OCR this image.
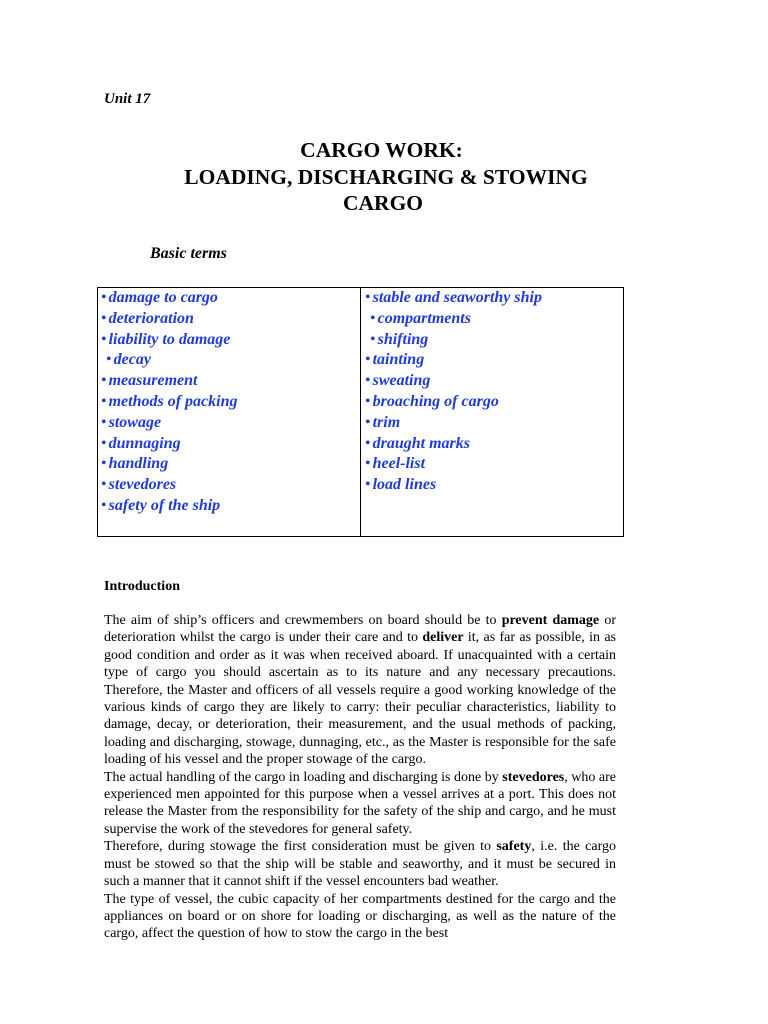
Unit 17
CARGO WORK:
LOADING, DISCHARGING & STOWING
CARGO
Basic terms
• damage to cargo
• deterioration
• liability to damage
• decay
• measurement
• methods of packing
• stowage
• dunnaging
• handling
• stevedores
• safety of the ship
• stable and seaworthy ship
• compartments
• shifting
• tainting
• sweating
• broaching of cargo
• trim
• draught marks
• heel-list
• load lines
Introduction

The aim of ship’s officers and crewmembers on board should be to prevent damage or deterioration whilst the cargo is under their care and to deliver it, as far as possible, in as good condition and order as it was when received aboard. If unacquainted with a certain type of cargo you should ascertain as to its nature and any necessary precautions. Therefore, the Master and officers of all vessels require a good working knowledge of the various kinds of cargo they are likely to carry: their peculiar characteristics, liability to damage, decay, or deterioration, their measurement, and the usual methods of packing, loading and discharging, stowage, dunnaging, etc., as the Master is responsible for the safe loading of his vessel and the proper stowage of the cargo.

The actual handling of the cargo in loading and discharging is done by stevedores, who are experienced men appointed for this purpose when a vessel arrives at a port. This does not release the Master from the responsibility for the safety of the ship and cargo, and he must supervise the work of the stevedores for general safety.

Therefore, during stowage the first consideration must be given to safety, i.e. the cargo must be stowed so that the ship will be stable and seaworthy, and it must be secured in such a manner that it cannot shift if the vessel encounters bad weather.

The type of vessel, the cubic capacity of her compartments destined for the cargo and the appliances on board or on shore for loading or discharging, as well as the nature of the cargo, affect the question of how to stow the cargo in the best
